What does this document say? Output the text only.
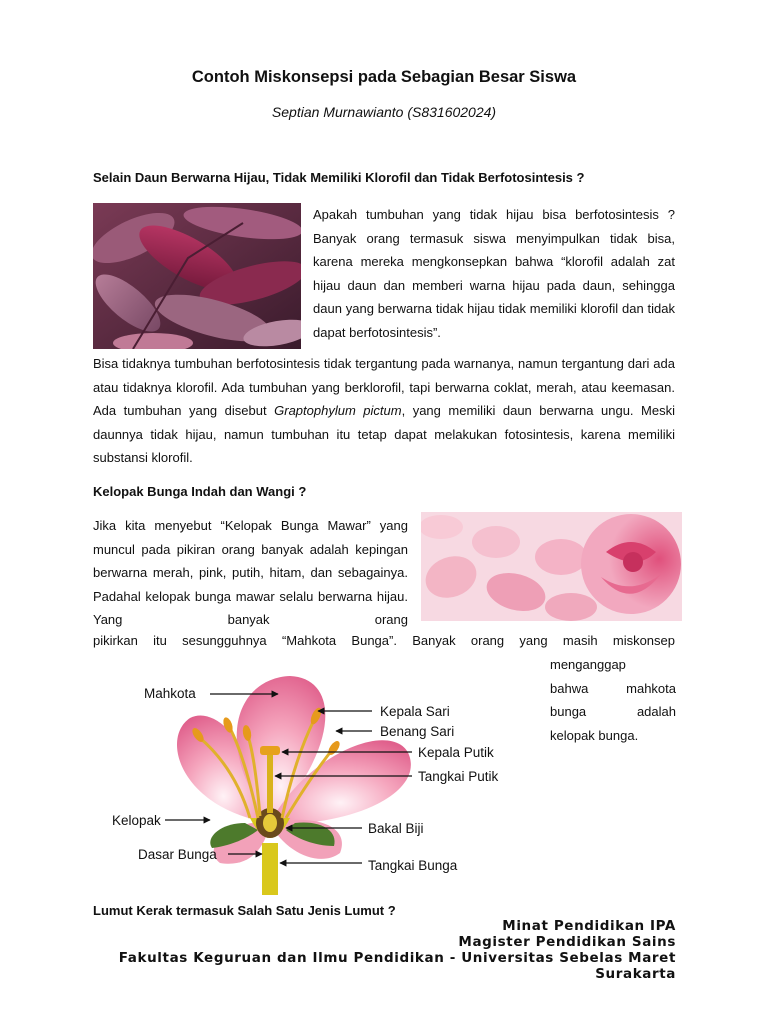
Contoh Miskonsepsi pada Sebagian Besar Siswa
Septian Murnawianto (S831602024)
Selain Daun Berwarna Hijau, Tidak Memiliki Klorofil dan Tidak Berfotosintesis ?
Apakah tumbuhan yang tidak hijau bisa berfotosintesis ? Banyak orang termasuk siswa menyimpulkan tidak bisa, karena mereka mengkonsepkan bahwa “klorofil adalah zat hijau daun dan memberi warna hijau pada daun, sehingga daun yang berwarna tidak hijau tidak memiliki klorofil dan tidak dapat berfotosintesis”.
Bisa tidaknya tumbuhan berfotosintesis tidak tergantung pada warnanya, namun tergantung dari ada atau tidaknya klorofil. Ada tumbuhan yang berklorofil, tapi berwarna coklat, merah, atau keemasan. Ada tumbuhan yang disebut Graptophylum pictum, yang memiliki daun berwarna ungu. Meski daunnya tidak hijau, namun tumbuhan itu tetap dapat melakukan fotosintesis, karena memiliki substansi klorofil.
Kelopak Bunga Indah dan Wangi ?
Jika kita menyebut “Kelopak Bunga Mawar” yang muncul pada pikiran orang banyak adalah kepingan berwarna merah, pink, putih, hitam, dan sebagainya. Padahal kelopak bunga mawar selalu berwarna hijau. Yang banyak orang
pikirkan itu sesungguhnya “Mahkota Bunga”. Banyak orang yang masih miskonsep
menganggap
bahwa mahkota
bunga adalah
kelopak bunga.
Mahkota
Kepala Sari
Benang Sari
Kepala Putik
Tangkai Putik
Kelopak
Bakal Biji
Dasar Bunga
Tangkai Bunga
Lumut Kerak termasuk Salah Satu Jenis Lumut ?
Minat Pendidikan IPA
Magister Pendidikan Sains
Fakultas Keguruan dan Ilmu Pendidikan - Universitas Sebelas Maret
Surakarta
